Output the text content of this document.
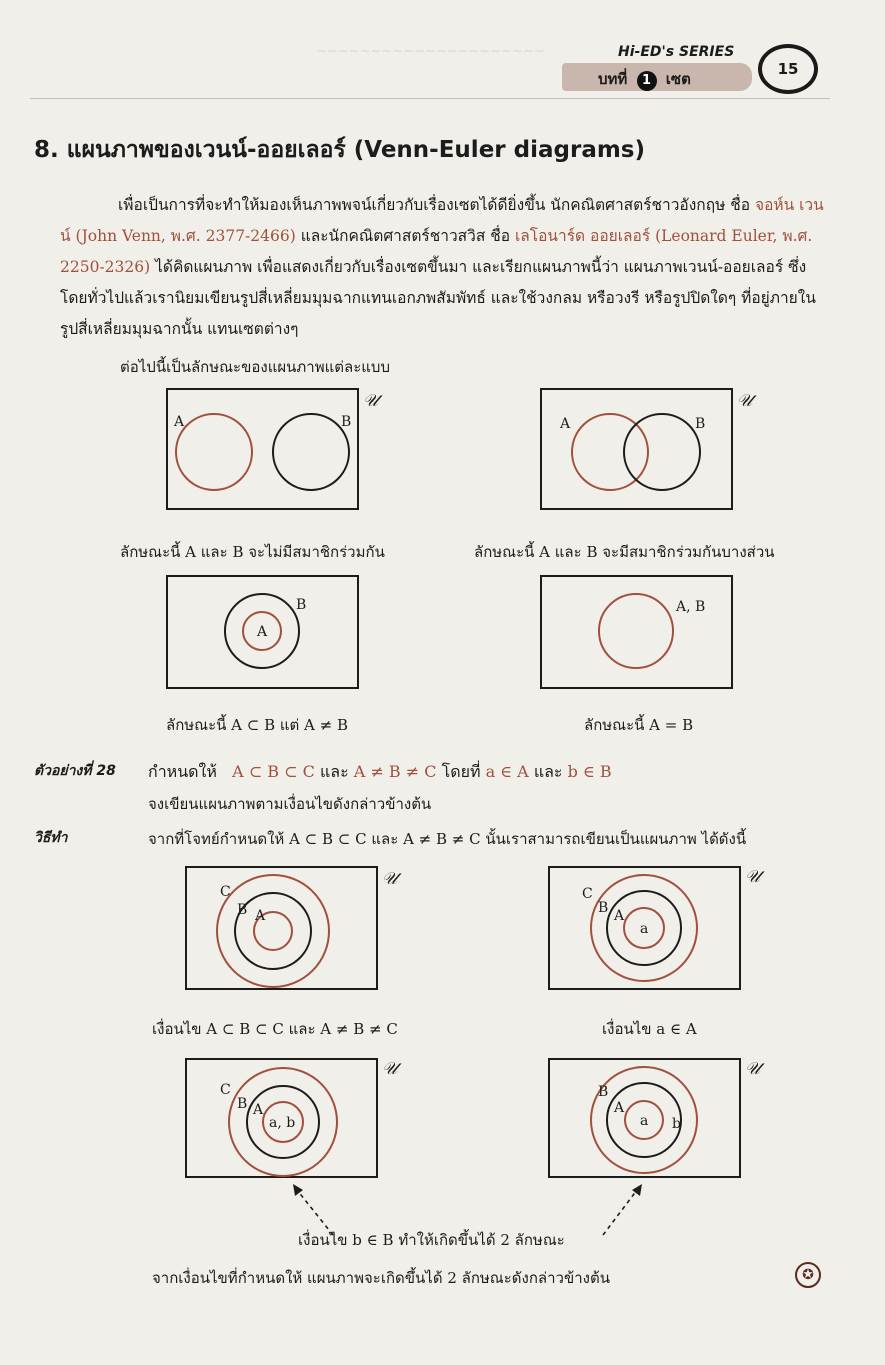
~~~~~~~~~~~~~~~~~~~~~	Hi-ED's SERIES
บทที่ 1 เซต
15
8. แผนภาพของเวนน์-ออยเลอร์ (Venn-Euler diagrams)
เพื่อเป็นการที่จะทำให้มองเห็นภาพพจน์เกี่ยวกับเรื่องเซตได้ดียิ่งขึ้น นักคณิตศาสตร์ชาวอังกฤษ ชื่อ จอห์น เวนน์ (John Venn, พ.ศ. 2377-2466) และนักคณิตศาสตร์ชาวสวิส ชื่อ เลโอนาร์ด ออยเลอร์ (Leonard Euler, พ.ศ. 2250-2326) ได้คิดแผนภาพ เพื่อแสดงเกี่ยวกับเรื่องเซตขึ้นมา และเรียกแผนภาพนี้ว่า แผนภาพเวนน์-ออยเลอร์ ซึ่งโดยทั่วไปแล้วเรานิยมเขียนรูปสี่เหลี่ยมมุมฉากแทนเอกภพสัมพัทธ์ และใช้วงกลม หรือวงรี หรือรูปปิดใดๆ ที่อยู่ภายในรูปสี่เหลี่ยมมุมฉากนั้น แทนเซตต่างๆ
ต่อไปนี้เป็นลักษณะของแผนภาพแต่ละแบบ
A	B
𝒰
A	B
𝒰
ลักษณะนี้ A และ B จะไม่มีสมาชิกร่วมกัน	ลักษณะนี้ A และ B จะมีสมาชิกร่วมกันบางส่วน
A
B	A, B
ลักษณะนี้ A ⊂ B แต่ A ≠ B	ลักษณะนี้ A = B
ตัวอย่างที่ 28 กำหนดให้ A ⊂ B ⊂ C และ A ≠ B ≠ C โดยที่ a ∈ A และ b ∈ B
จงเขียนแผนภาพตามเงื่อนไขดังกล่าวข้างต้น
วิธีทำ	จากที่โจทย์กำหนดให้ A ⊂ B ⊂ C และ A ≠ B ≠ C นั้นเราสามารถเขียนเป็นแผนภาพ ได้ดังนี้
C
B A
𝒰
C
B A
a
𝒰
เงื่อนไข A ⊂ B ⊂ C และ A ≠ B ≠ C	เงื่อนไข a ∈ A
C
B A
a, b
𝒰
B
A
a b
𝒰
เงื่อนไข b ∈ B ทำให้เกิดขึ้นได้ 2 ลักษณะ
จากเงื่อนไขที่กำหนดให้ แผนภาพจะเกิดขึ้นได้ 2 ลักษณะดังกล่าวข้างต้น	✪
